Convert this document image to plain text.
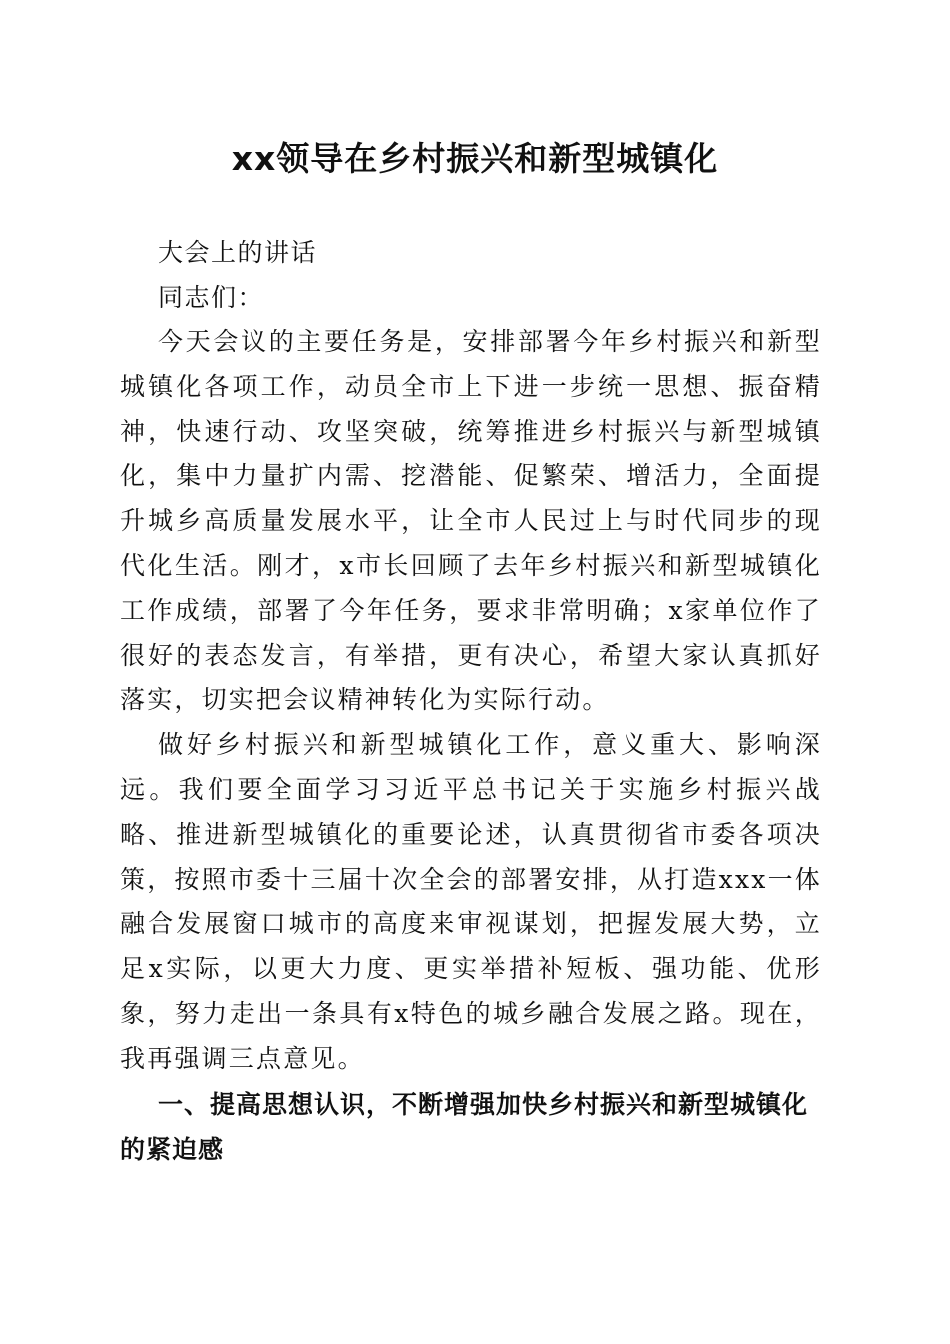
xx领导在乡村振兴和新型城镇化

大会上的讲话

同志们：

今天会议的主要任务是，安排部署今年乡村振兴和新型城镇化各项工作，动员全市上下进一步统一思想、振奋精神，快速行动、攻坚突破，统筹推进乡村振兴与新型城镇化，集中力量扩内需、挖潜能、促繁荣、增活力，全面提升城乡高质量发展水平，让全市人民过上与时代同步的现代化生活。刚才，x市长回顾了去年乡村振兴和新型城镇化工作成绩，部署了今年任务，要求非常明确；x家单位作了很好的表态发言，有举措，更有决心，希望大家认真抓好落实，切实把会议精神转化为实际行动。

做好乡村振兴和新型城镇化工作，意义重大、影响深远。我们要全面学习习近平总书记关于实施乡村振兴战略、推进新型城镇化的重要论述，认真贯彻省市委各项决策，按照市委十三届十次全会的部署安排，从打造xxx一体融合发展窗口城市的高度来审视谋划，把握发展大势，立足x实际，以更大力度、更实举措补短板、强功能、优形象，努力走出一条具有x特色的城乡融合发展之路。现在，我再强调三点意见。

一、提高思想认识，不断增强加快乡村振兴和新型城镇化的紧迫感
